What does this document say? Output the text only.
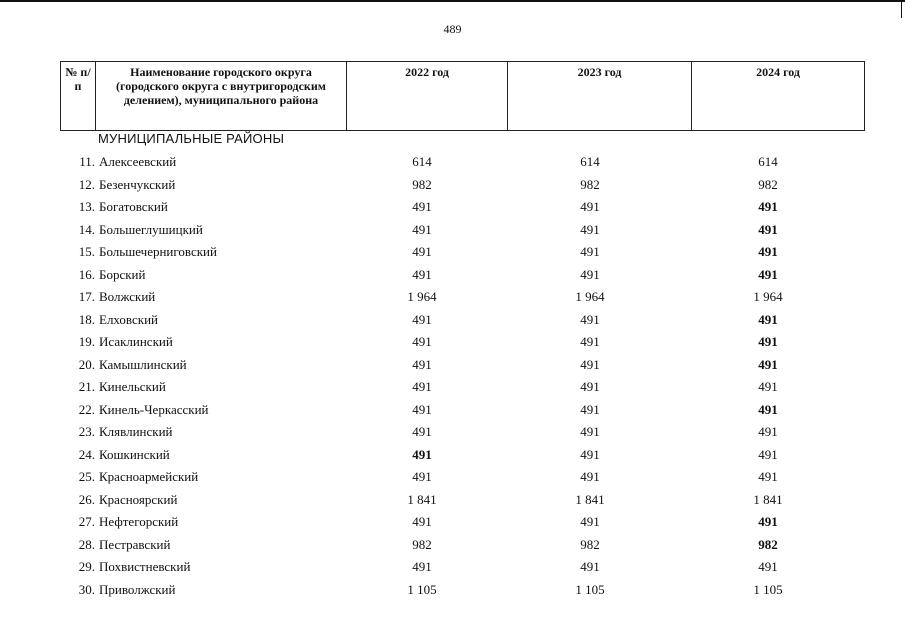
489
№ п/п	Наименование городского округа (городского округа с внутригородским делением), муниципального района	2022 год	2023 год	2024 год
МУНИЦИПАЛЬНЫЕ РАЙОНЫ
11. Алексеевский	614	614	614
12. Безенчукский	982	982	982
13. Богатовский	491	491	491
14. Большеглушицкий	491	491	491
15. Большечерниговский	491	491	491
16. Борский	491	491	491
17. Волжский	1 964	1 964	1 964
18. Елховский	491	491	491
19. Исаклинский	491	491	491
20. Камышлинский	491	491	491
21. Кинельский	491	491	491
22. Кинель-Черкасский	491	491	491
23. Клявлинский	491	491	491
24. Кошкинский	491	491	491
25. Красноармейский	491	491	491
26. Красноярский	1 841	1 841	1 841
27. Нефтегорский	491	491	491
28. Пестравский	982	982	982
29. Похвистневский	491	491	491
30. Приволжский	1 105	1 105	1 105
